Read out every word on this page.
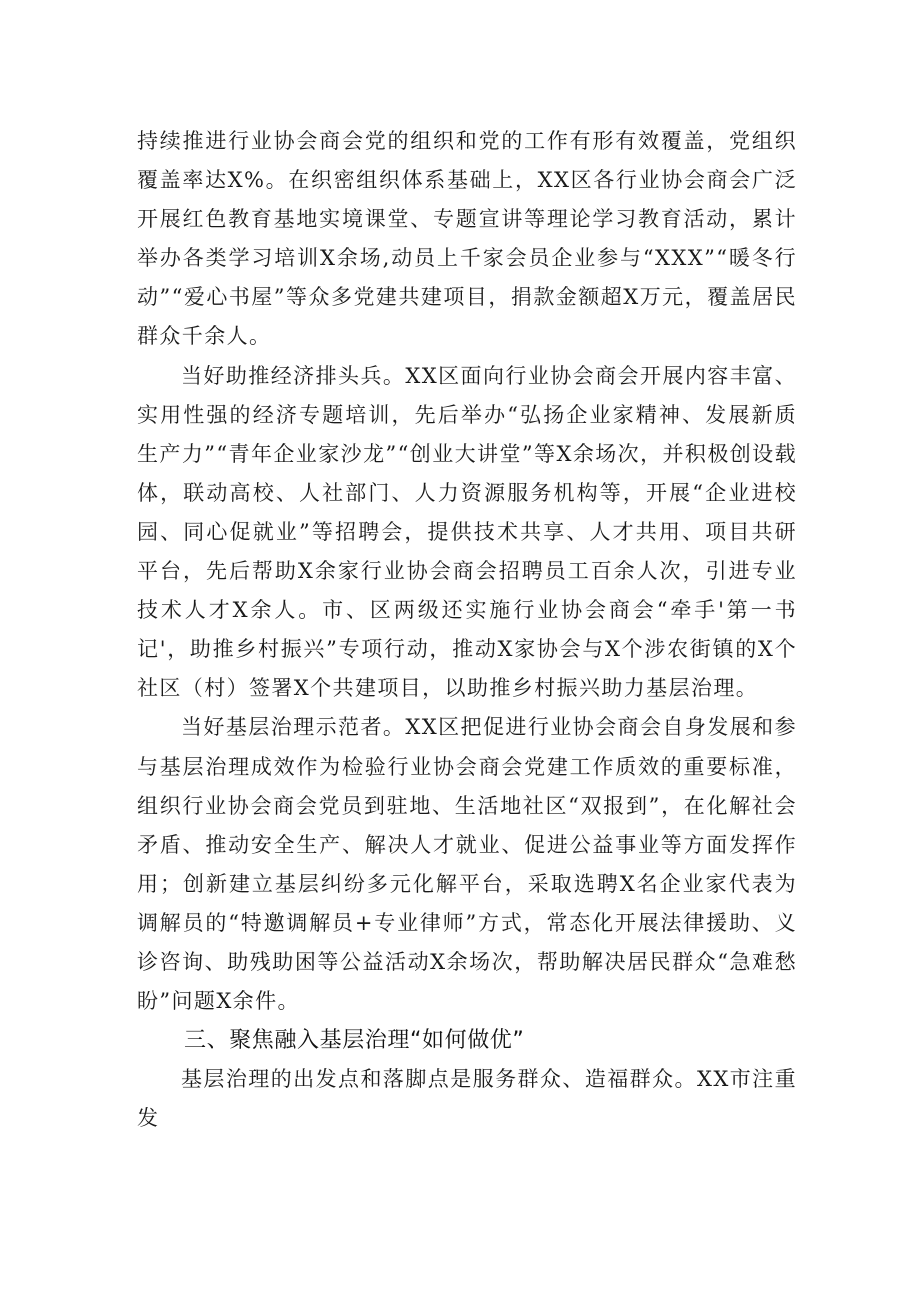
持续推进行业协会商会党的组织和党的工作有形有效覆盖，党组织覆盖率达X%。在织密组织体系基础上，XX区各行业协会商会广泛开展红色教育基地实境课堂、专题宣讲等理论学习教育活动，累计举办各类学习培训X余场,动员上千家会员企业参与“XXX”“暖冬行动”“爱心书屋”等众多党建共建项目，捐款金额超X万元，覆盖居民群众千余人。

当好助推经济排头兵。XX区面向行业协会商会开展内容丰富、实用性强的经济专题培训，先后举办“弘扬企业家精神、发展新质生产力”“青年企业家沙龙”“创业大讲堂”等X余场次，并积极创设载体，联动高校、人社部门、人力资源服务机构等，开展“企业进校园、同心促就业”等招聘会，提供技术共享、人才共用、项目共研平台，先后帮助X余家行业协会商会招聘员工百余人次，引进专业技术人才X余人。市、区两级还实施行业协会商会“牵手'第一书记'，助推乡村振兴”专项行动，推动X家协会与X个涉农街镇的X个社区（村）签署X个共建项目，以助推乡村振兴助力基层治理。

当好基层治理示范者。XX区把促进行业协会商会自身发展和参与基层治理成效作为检验行业协会商会党建工作质效的重要标准，组织行业协会商会党员到驻地、生活地社区“双报到”，在化解社会矛盾、推动安全生产、解决人才就业、促进公益事业等方面发挥作用；创新建立基层纠纷多元化解平台，采取选聘X名企业家代表为调解员的“特邀调解员+专业律师”方式，常态化开展法律援助、义诊咨询、助残助困等公益活动X余场次，帮助解决居民群众“急难愁盼”问题X余件。

三、聚焦融入基层治理“如何做优”

基层治理的出发点和落脚点是服务群众、造福群众。XX市注重发
